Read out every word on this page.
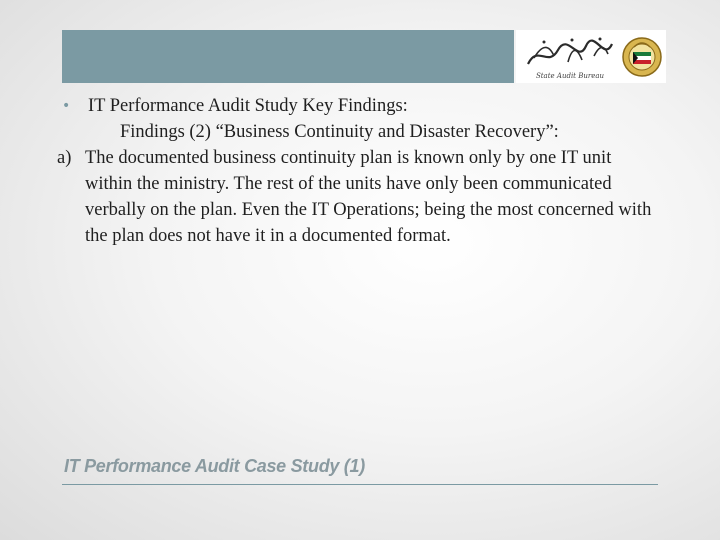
State Audit Bureau
• IT Performance Audit Study Key Findings:
Findings (2) “Business Continuity and Disaster Recovery”:
a) The documented business continuity plan is known only by one IT unit within the ministry. The rest of the units have only been communicated verbally on the plan. Even the IT Operations; being the most concerned with the plan does not have it in a documented format.
IT Performance Audit Case Study (1)
